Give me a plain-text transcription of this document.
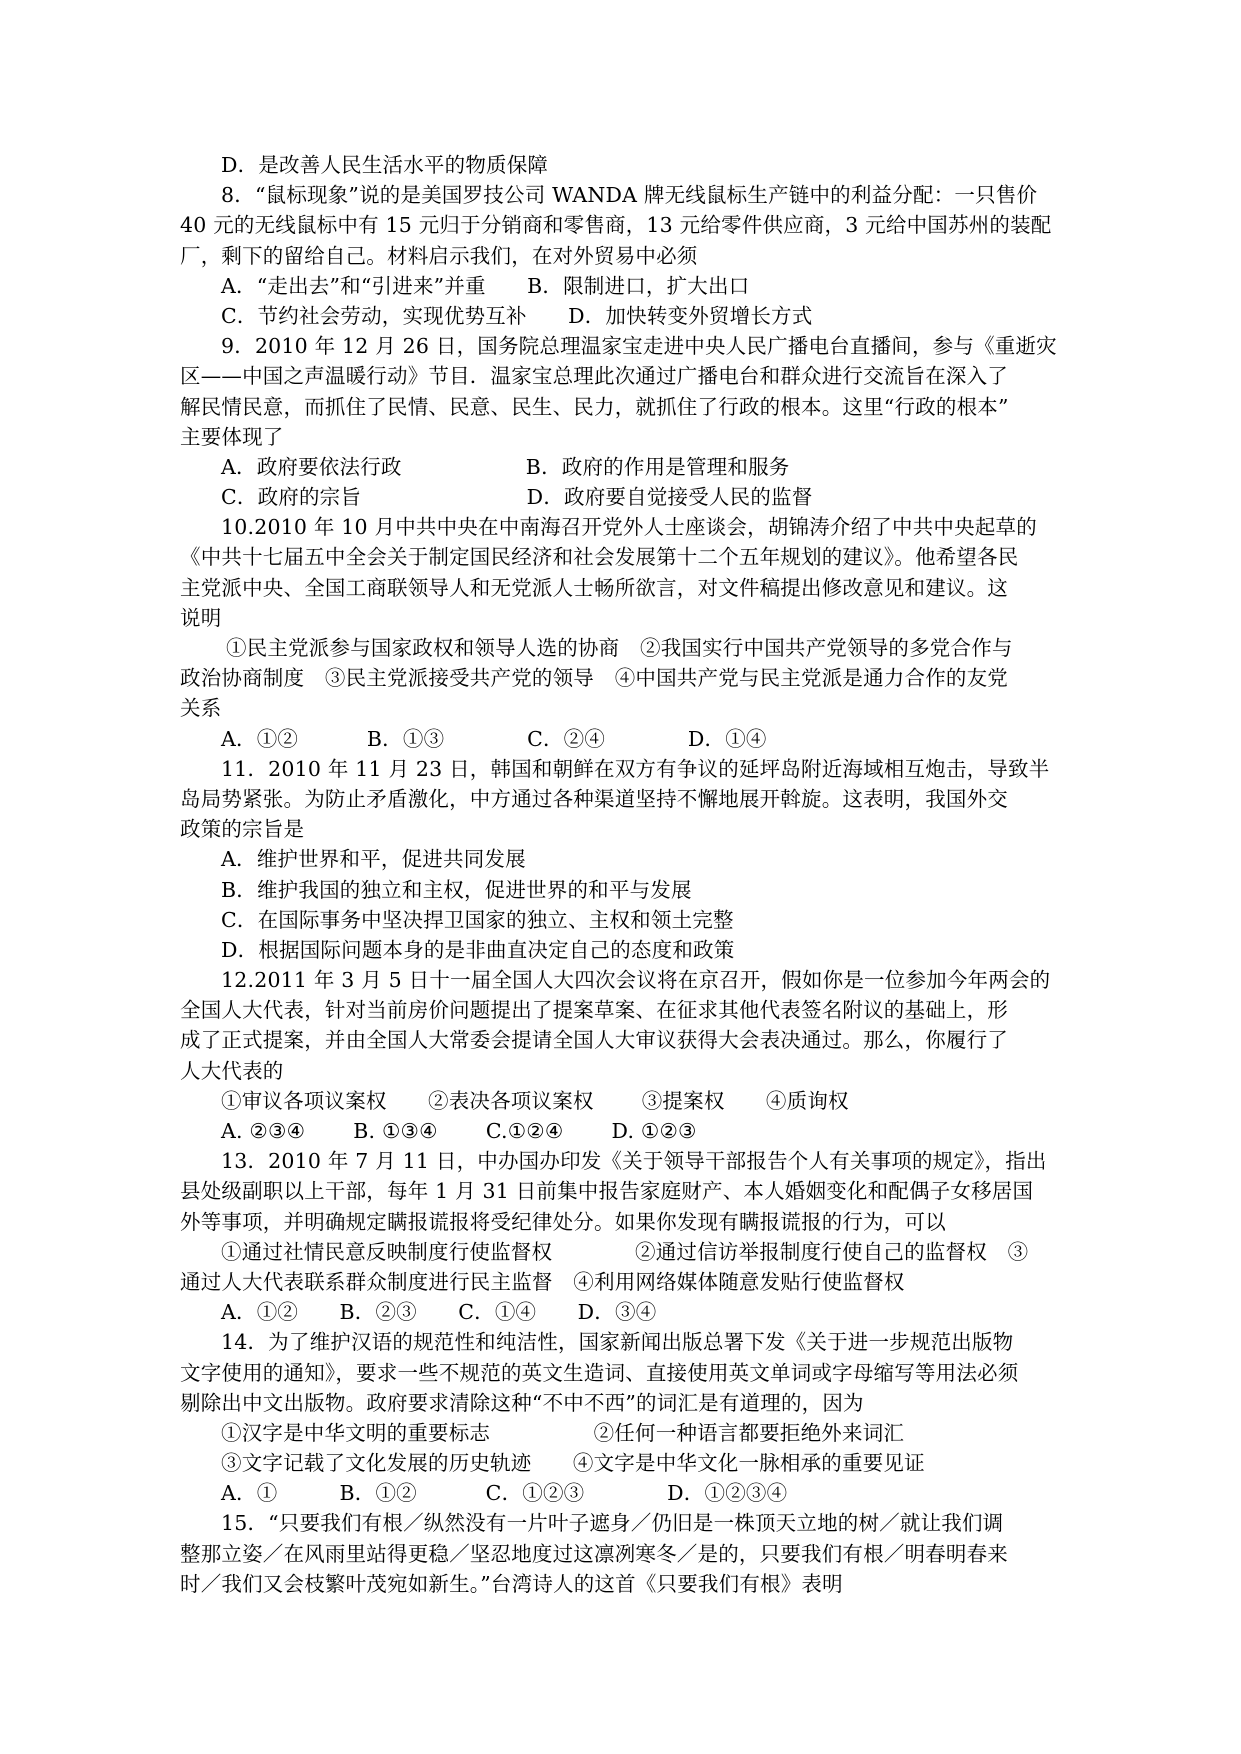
D．是改善人民生活水平的物质保障
8．“鼠标现象”说的是美国罗技公司 WANDA 牌无线鼠标生产链中的利益分配：一只售价
40 元的无线鼠标中有 15 元归于分销商和零售商，13 元给零件供应商，3 元给中国苏州的装配
厂，剩下的留给自己。材料启示我们，在对外贸易中必须
A．“走出去”和“引进来”并重　　B．限制进口，扩大出口
C．节约社会劳动，实现优势互补　　D．加快转变外贸增长方式
9．2010 年 12 月 26 日，国务院总理温家宝走进中央人民广播电台直播间，参与《重逝灾
区——中国之声温暖行动》节目．温家宝总理此次通过广播电台和群众进行交流旨在深入了
解民情民意，而抓住了民情、民意、民生、民力，就抓住了行政的根本。这里“行政的根本”
主要体现了
A．政府要依法行政　　　　　　B．政府的作用是管理和服务
C．政府的宗旨　　　　　　　　D．政府要自觉接受人民的监督
10.2010 年 10 月中共中央在中南海召开党外人士座谈会，胡锦涛介绍了中共中央起草的
《中共十七届五中全会关于制定国民经济和社会发展第十二个五年规划的建议》。他希望各民
主党派中央、全国工商联领导人和无党派人士畅所欲言，对文件稿提出修改意见和建议。这
说明
①民主党派参与国家政权和领导人选的协商　②我国实行中国共产党领导的多党合作与
政治协商制度　③民主党派接受共产党的领导　④中国共产党与民主党派是通力合作的友党
关系
A．①②　　　 B．①③　　　　C．②④　　　　D．①④
11．2010 年 11 月 23 日，韩国和朝鲜在双方有争议的延坪岛附近海域相互炮击，导致半
岛局势紧张。为防止矛盾激化，中方通过各种渠道坚持不懈地展开斡旋。这表明，我国外交
政策的宗旨是
A．维护世界和平，促进共同发展
B．维护我国的独立和主权，促进世界的和平与发展
C．在国际事务中坚决捍卫国家的独立、主权和领土完整
D．根据国际问题本身的是非曲直决定自己的态度和政策
12.2011 年 3 月 5 日十一届全国人大四次会议将在京召开，假如你是一位参加今年两会的
全国人大代表，针对当前房价问题提出了提案草案、在征求其他代表签名附议的基础上，形
成了正式提案，并由全国人大常委会提请全国人大审议获得大会表决通过。那么，你履行了
人大代表的
①审议各项议案权　　②表决各项议案权　　 ③提案权　　④质询权
A. ②③④　　 B. ①③④　　 C.①②④　　 D. ①②③
13．2010 年 7 月 11 日，中办国办印发《关于领导干部报告个人有关事项的规定》，指出
县处级副职以上干部，每年 1 月 31 日前集中报告家庭财产、本人婚姻变化和配偶子女移居国
外等事项，并明确规定瞒报谎报将受纪律处分。如果你发现有瞒报谎报的行为，可以
①通过社情民意反映制度行使监督权　　　　②通过信访举报制度行使自己的监督权　③
通过人大代表联系群众制度进行民主监督　④利用网络媒体随意发贴行使监督权
A．①②　　B．②③　　C．①④　　D．③④
14．为了维护汉语的规范性和纯洁性，国家新闻出版总署下发《关于进一步规范出版物
文字使用的通知》，要求一些不规范的英文生造词、直接使用英文单词或字母缩写等用法必须
剔除出中文出版物。政府要求清除这种“不中不西”的词汇是有道理的，因为
①汉字是中华文明的重要标志　　　　　②任何一种语言都要拒绝外来词汇
③文字记载了文化发展的历史轨迹　　④文字是中华文化一脉相承的重要见证
A．①　　　B．①②　　　 C．①②③　　　　D．①②③④
15．“只要我们有根／纵然没有一片叶子遮身／仍旧是一株顶天立地的树／就让我们调
整那立姿／在风雨里站得更稳／坚忍地度过这凛冽寒冬／是的，只要我们有根／明春明春来
时／我们又会枝繁叶茂宛如新生。”台湾诗人的这首《只要我们有根》表明
